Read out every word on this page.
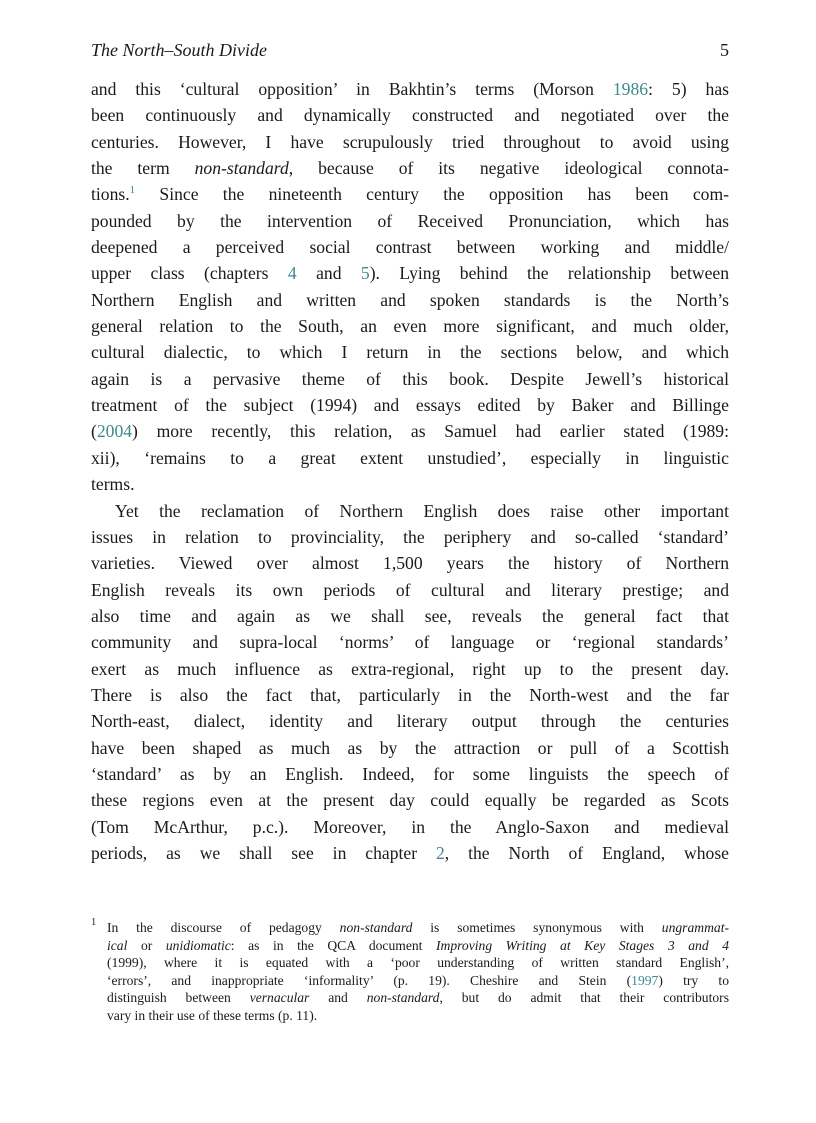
The North–South Divide	5
and this ‘cultural opposition’ in Bakhtin’s terms (Morson 1986: 5) has
been continuously and dynamically constructed and negotiated over the
centuries. However, I have scrupulously tried throughout to avoid using
the term non-standard, because of its negative ideological connota-
tions.$^1$ Since the nineteenth century the opposition has been com-
pounded by the intervention of Received Pronunciation, which has
deepened a perceived social contrast between working and middle/
upper class (chapters 4 and 5). Lying behind the relationship between
Northern English and written and spoken standards is the North’s
general relation to the South, an even more significant, and much older,
cultural dialectic, to which I return in the sections below, and which
again is a pervasive theme of this book. Despite Jewell’s historical
treatment of the subject (1994) and essays edited by Baker and Billinge
(2004) more recently, this relation, as Samuel had earlier stated (1989:
xii), ‘remains to a great extent unstudied’, especially in linguistic
terms.
Yet the reclamation of Northern English does raise other important
issues in relation to provinciality, the periphery and so-called ‘standard’
varieties. Viewed over almost 1,500 years the history of Northern
English reveals its own periods of cultural and literary prestige; and
also time and again as we shall see, reveals the general fact that
community and supra-local ‘norms’ of language or ‘regional standards’
exert as much influence as extra-regional, right up to the present day.
There is also the fact that, particularly in the North-west and the far
North-east, dialect, identity and literary output through the centuries
have been shaped as much as by the attraction or pull of a Scottish
‘standard’ as by an English. Indeed, for some linguists the speech of
these regions even at the present day could equally be regarded as Scots
(Tom McArthur, p.c.). Moreover, in the Anglo-Saxon and medieval
periods, as we shall see in chapter 2, the North of England, whose
1 In the discourse of pedagogy non-standard is sometimes synonymous with ungrammat-
ical or unidiomatic: as in the QCA document Improving Writing at Key Stages 3 and 4
(1999), where it is equated with a ‘poor understanding of written standard English’,
‘errors’, and inappropriate ‘informality’ (p. 19). Cheshire and Stein (1997) try to
distinguish between vernacular and non-standard, but do admit that their contributors
vary in their use of these terms (p. 11).
